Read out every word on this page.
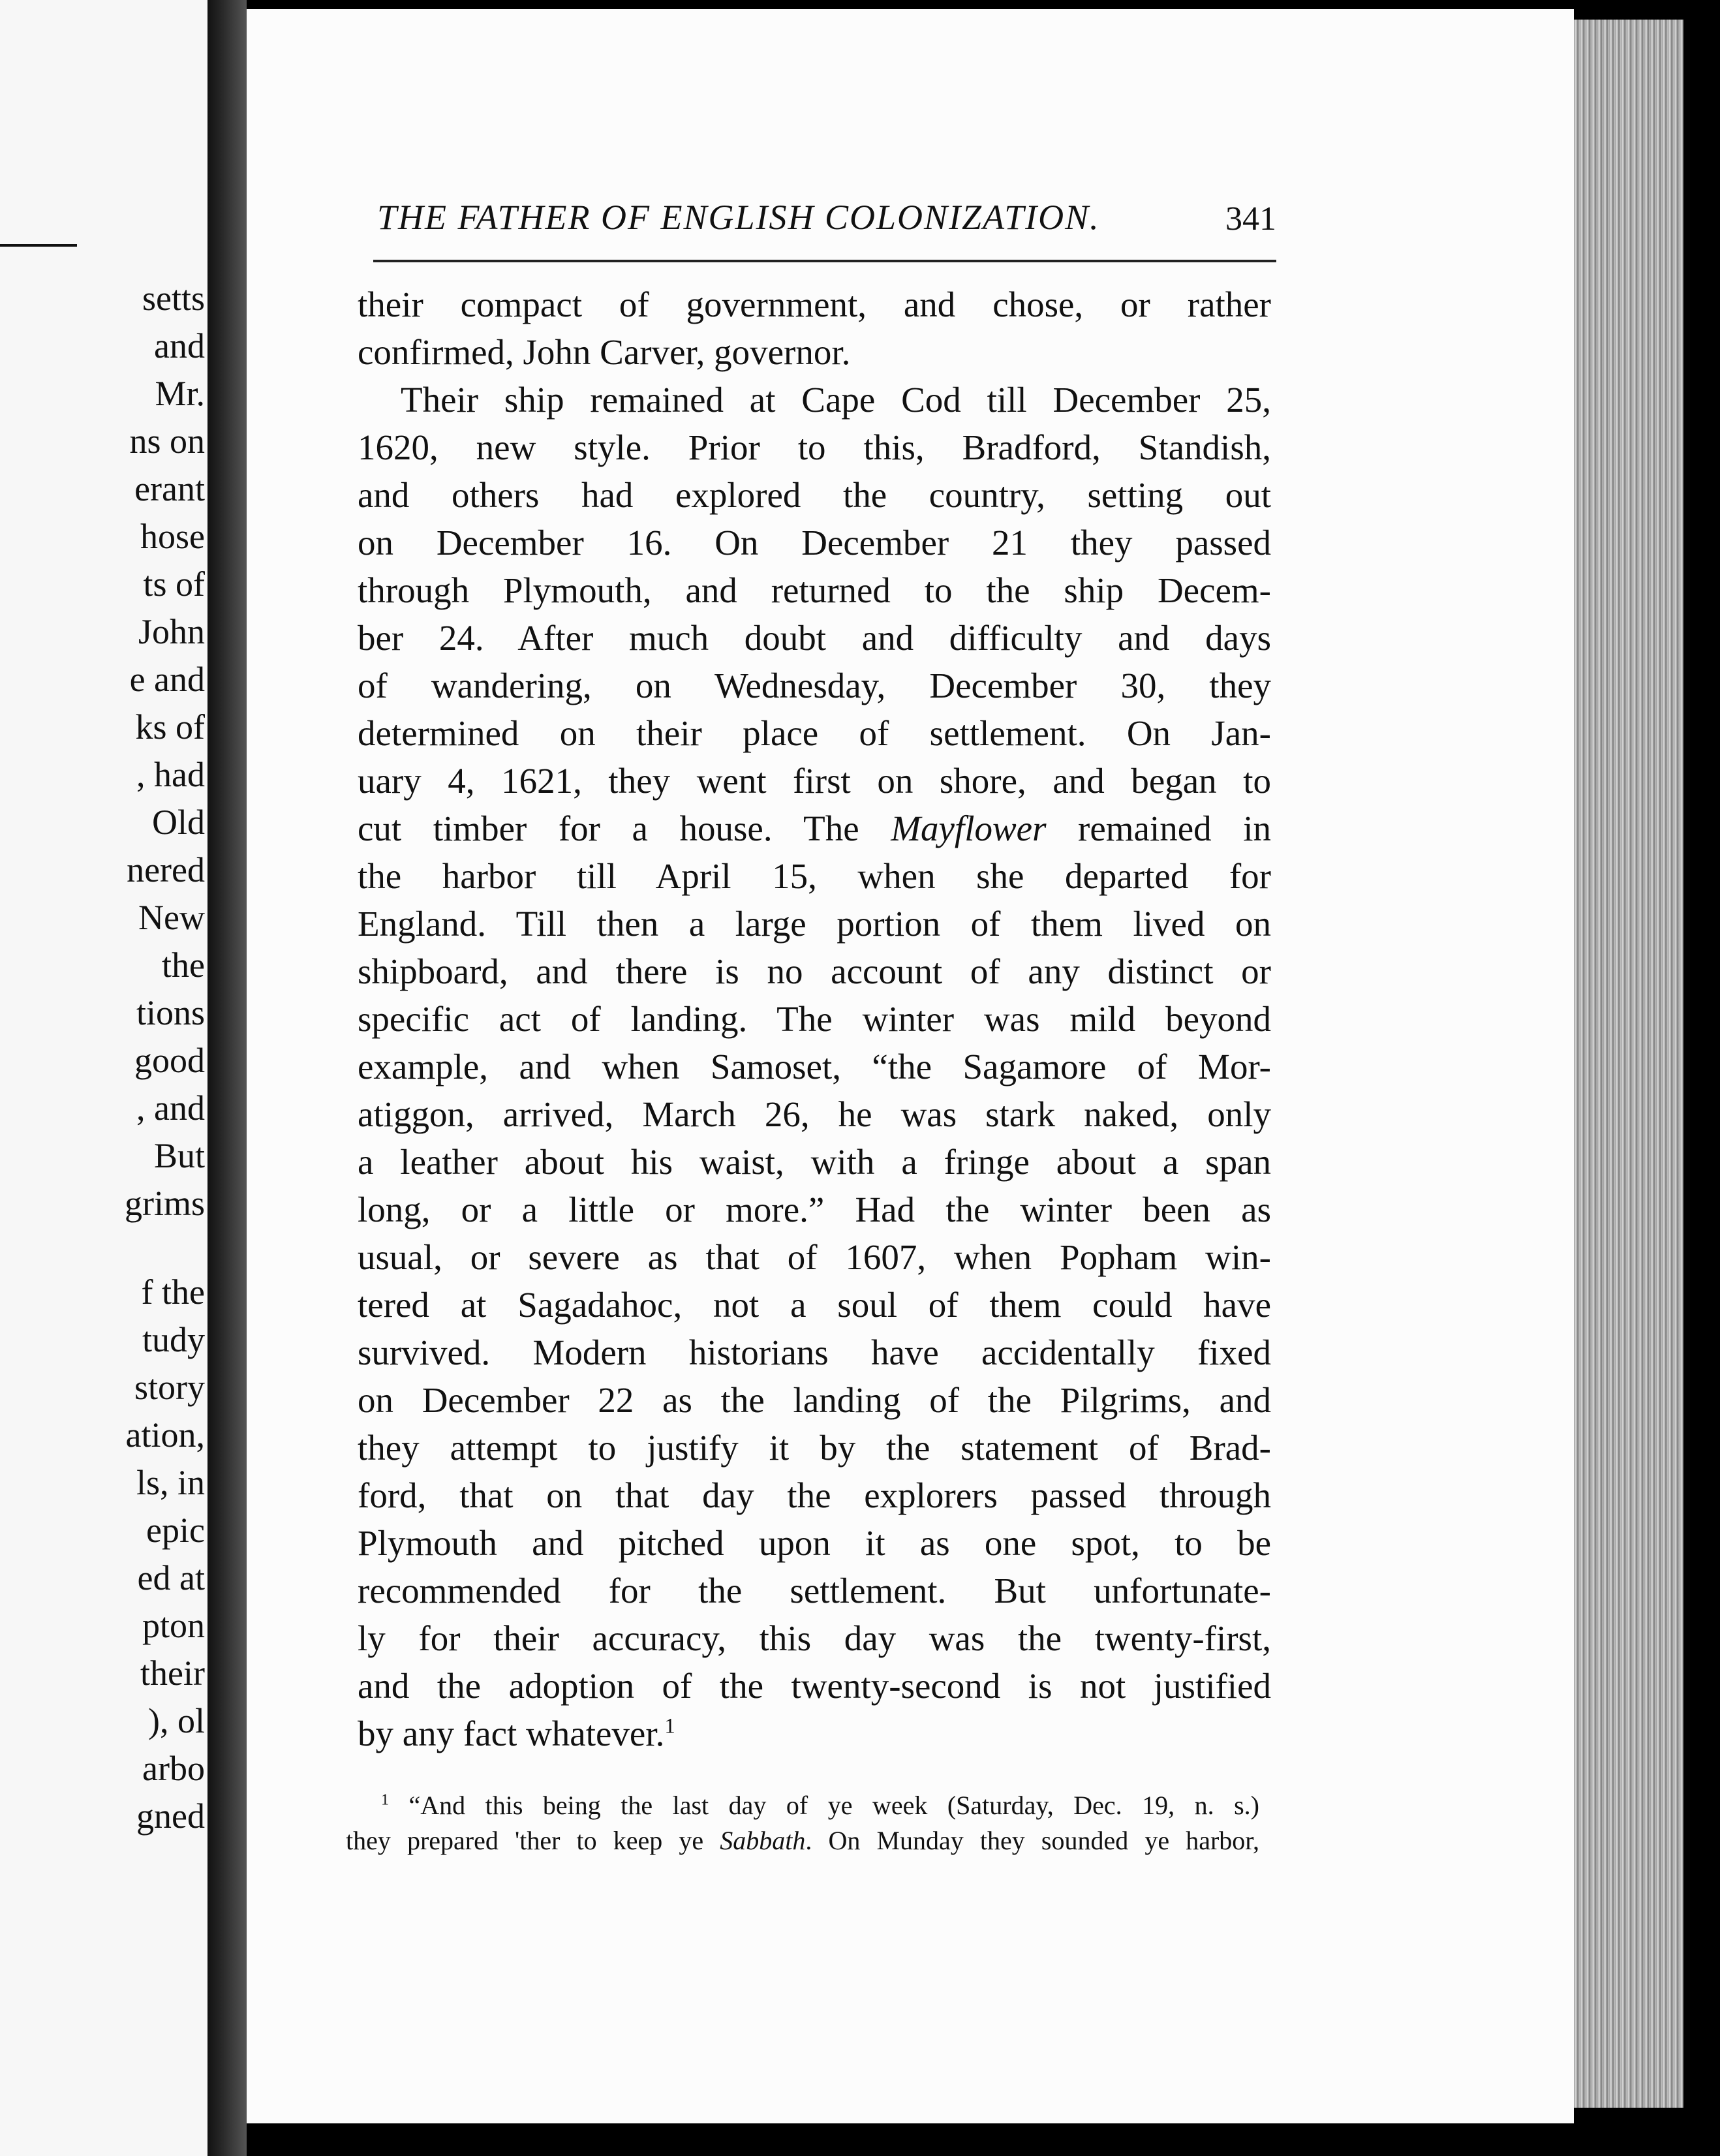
setts
and
Mr.
ns on
erant
hose
ts of
John
e and
ks of
, had
Old
nered
New
the
tions
good
, and
But
grims
f the
tudy
story
ation,
ls, in
epic
ed at
pton
their
), ol
arbo
gned
THE FATHER OF ENGLISH COLONIZATION.	341
their compact of government, and chose, or rather
confirmed, John Carver, governor.
Their ship remained at Cape Cod till December 25,
1620, new style. Prior to this, Bradford, Standish,
and others had explored the country, setting out
on December 16. On December 21 they passed
through Plymouth, and returned to the ship Decem-
ber 24. After much doubt and difficulty and days
of wandering, on Wednesday, December 30, they
determined on their place of settlement. On Jan-
uary 4, 1621, they went first on shore, and began to
cut timber for a house. The Mayflower remained in
the harbor till April 15, when she departed for
England. Till then a large portion of them lived on
shipboard, and there is no account of any distinct or
specific act of landing. The winter was mild beyond
example, and when Samoset, “the Sagamore of Mor-
atiggon, arrived, March 26, he was stark naked, only
a leather about his waist, with a fringe about a span
long, or a little or more.” Had the winter been as
usual, or severe as that of 1607, when Popham win-
tered at Sagadahoc, not a soul of them could have
survived. Modern historians have accidentally fixed
on December 22 as the landing of the Pilgrims, and
they attempt to justify it by the statement of Brad-
ford, that on that day the explorers passed through
Plymouth and pitched upon it as one spot, to be
recommended for the settlement. But unfortunate-
ly for their accuracy, this day was the twenty-first,
and the adoption of the twenty-second is not justified
by any fact whatever.$^1$
$^1$ “And this being the last day of ye week (Saturday, Dec. 19, n. s.)
they prepared 'ther to keep ye Sabbath. On Munday they sounded ye harbor,
